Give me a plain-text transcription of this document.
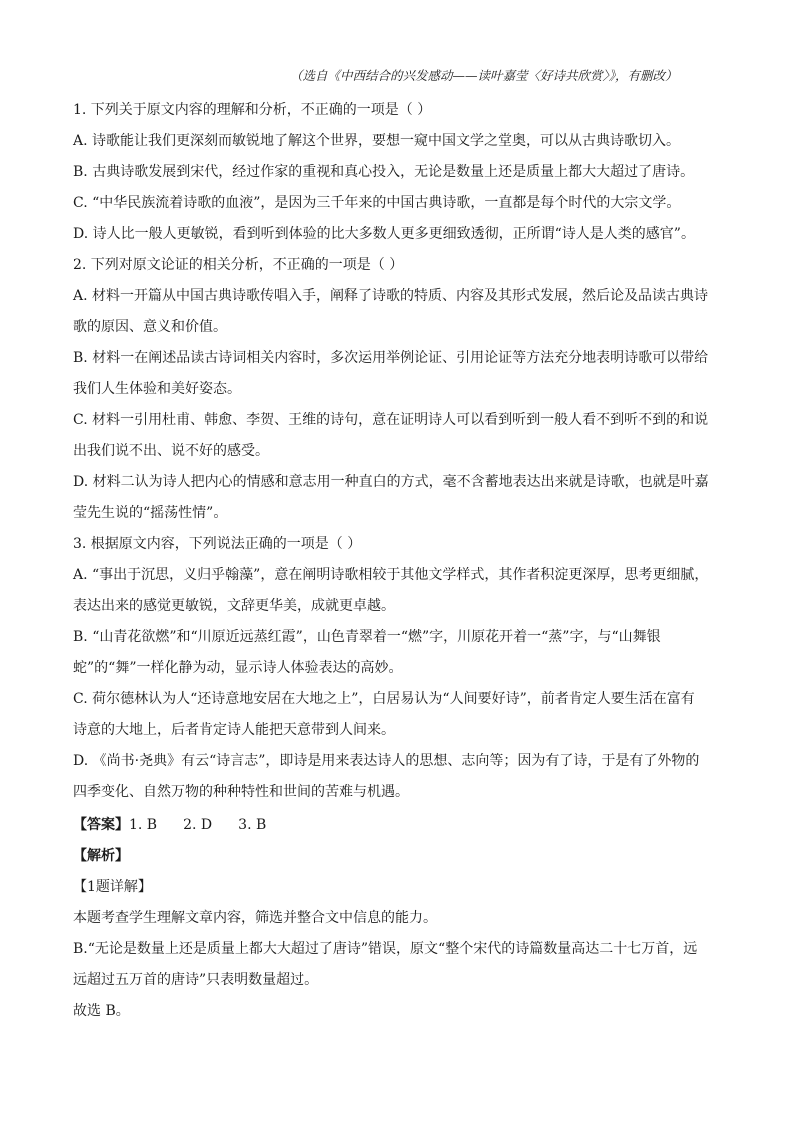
（选自《中西结合的兴发感动——读叶嘉莹〈好诗共欣赏〉》，有删改）
1. 下列关于原文内容的理解和分析，不正确的一项是（ ）
A. 诗歌能让我们更深刻而敏锐地了解这个世界，要想一窥中国文学之堂奥，可以从古典诗歌切入。
B. 古典诗歌发展到宋代，经过作家的重视和真心投入，无论是数量上还是质量上都大大超过了唐诗。
C. “中华民族流着诗歌的血液”，是因为三千年来的中国古典诗歌，一直都是每个时代的大宗文学。
D. 诗人比一般人更敏锐，看到听到体验的比大多数人更多更细致透彻，正所谓“诗人是人类的感官”。
2. 下列对原文论证的相关分析，不正确的一项是（ ）
A. 材料一开篇从中国古典诗歌传唱入手，阐释了诗歌的特质、内容及其形式发展，然后论及品读古典诗
歌的原因、意义和价值。
B. 材料一在阐述品读古诗词相关内容时，多次运用举例论证、引用论证等方法充分地表明诗歌可以带给
我们人生体验和美好姿态。
C. 材料一引用杜甫、韩愈、李贺、王维的诗句，意在证明诗人可以看到听到一般人看不到听不到的和说
出我们说不出、说不好的感受。
D. 材料二认为诗人把内心的情感和意志用一种直白的方式，毫不含蓄地表达出来就是诗歌，也就是叶嘉
莹先生说的“摇荡性情”。
3. 根据原文内容，下列说法正确的一项是（ ）
A. “事出于沉思，义归乎翰藻”，意在阐明诗歌相较于其他文学样式，其作者积淀更深厚，思考更细腻，
表达出来的感觉更敏锐，文辞更华美，成就更卓越。
B. “山青花欲燃”和“川原近远蒸红霞”，山色青翠着一“燃”字，川原花开着一“蒸”字，与“山舞银
蛇”的“舞”一样化静为动，显示诗人体验表达的高妙。
C. 荷尔德林认为人“还诗意地安居在大地之上”，白居易认为“人间要好诗”，前者肯定人要生活在富有
诗意的大地上，后者肯定诗人能把天意带到人间来。
D. 《尚书·尧典》有云“诗言志”，即诗是用来表达诗人的思想、志向等；因为有了诗，于是有了外物的
四季变化、自然万物的种种特性和世间的苦难与机遇。
【 答案 】 1. B 2. D 3. B
【 解析 】
【 1题详解 】
本题考查学生理解文章内容，筛选并整合文中信息的能力。
B.“无论是数量上还是质量上都大大超过了唐诗”错误，原文“整个宋代的诗篇数量高达二十七万首，远
远超过五万首的唐诗”只表明数量超过。
故选 B。
